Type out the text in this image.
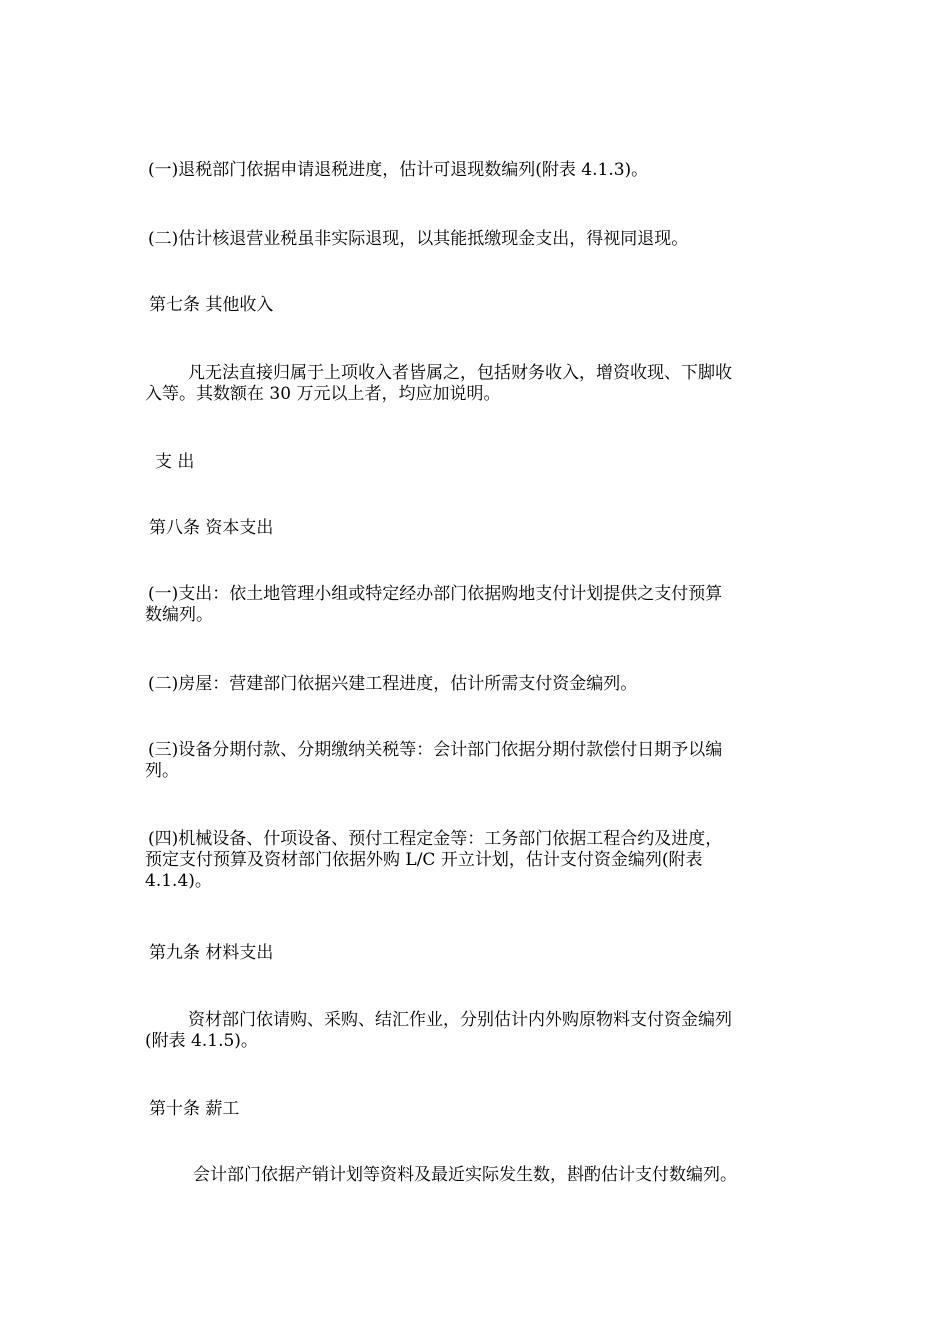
(一)退税部门依据申请退税进度，估计可退现数编列(附表 4.1.3)。
(二)估计核退营业税虽非实际退现，以其能抵缴现金支出，得视同退现。
第七条 其他收入
凡无法直接归属于上项收入者皆属之，包括财务收入，增资收现、下脚收
入等。其数额在 30 万元以上者，均应加说明。
支 出
第八条 资本支出
(一)支出：依土地管理小组或特定经办部门依据购地支付计划提供之支付预算
数编列。
(二)房屋：营建部门依据兴建工程进度，估计所需支付资金编列。
(三)设备分期付款、分期缴纳关税等：会计部门依据分期付款偿付日期予以编
列。
(四)机械设备、什项设备、预付工程定金等：工务部门依据工程合约及进度，
预定支付预算及资材部门依据外购 L/C 开立计划，估计支付资金编列(附表
4.1.4)。
第九条 材料支出
资材部门依请购、采购、结汇作业，分别估计内外购原物料支付资金编列
(附表 4.1.5)。
第十条 薪工
会计部门依据产销计划等资料及最近实际发生数，斟酌估计支付数编列。
